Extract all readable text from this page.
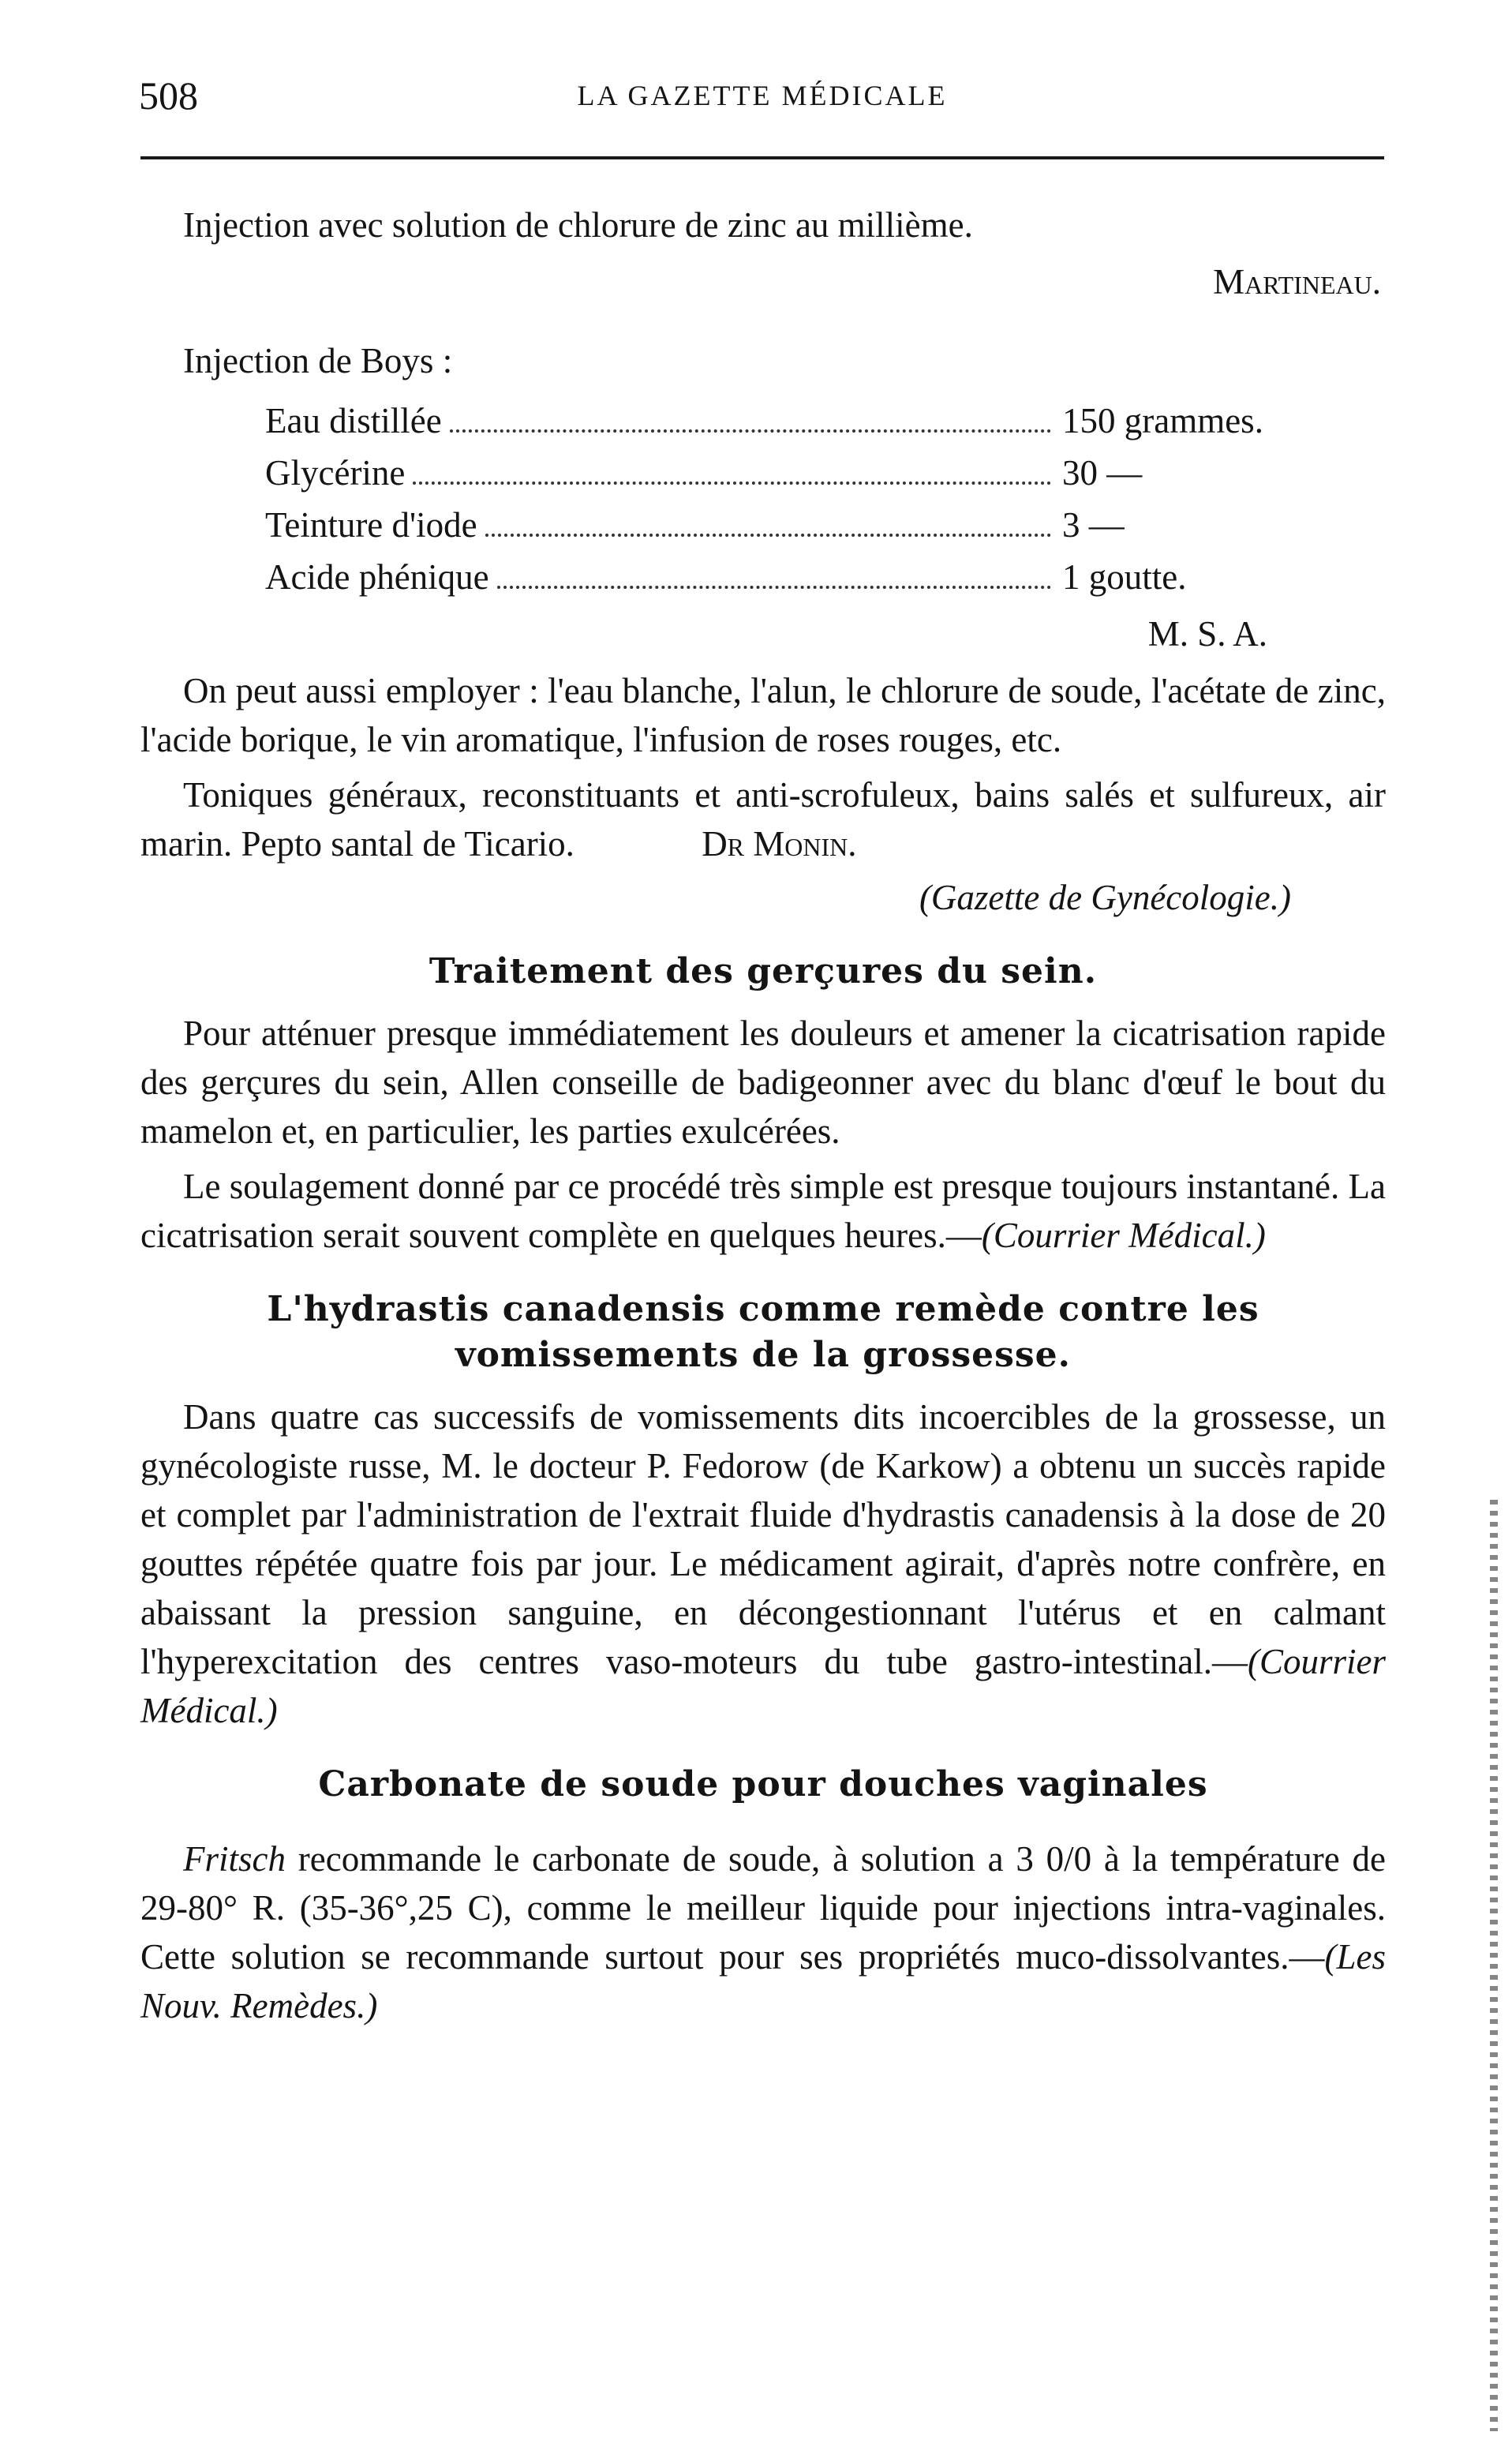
508	LA GAZETTE MÉDICALE

Injection avec solution de chlorure de zinc au millième.

Martineau.

Injection de Boys :

Eau distillée	150 grammes.
Glycérine	30 —
Teinture d'iode	3 —
Acide phénique	1 goutte.

M. S. A.

On peut aussi employer : l'eau blanche, l'alun, le chlorure de soude, l'acétate de zinc, l'acide borique, le vin aromatique, l'infusion de roses rouges, etc.

Toniques généraux, reconstituants et anti-scrofuleux, bains salés et sulfureux, air marin. Pepto santal de Ticario.	Dr Monin.

(Gazette de Gynécologie.)

Traitement des gerçures du sein.

Pour atténuer presque immédiatement les douleurs et amener la cicatrisation rapide des gerçures du sein, Allen conseille de badigeonner avec du blanc d'œuf le bout du mamelon et, en particulier, les parties exulcérées.

Le soulagement donné par ce procédé très simple est presque toujours instantané. La cicatrisation serait souvent complète en quelques heures.—(Courrier Médical.)

L'hydrastis canadensis comme remède contre les
vomissements de la grossesse.

Dans quatre cas successifs de vomissements dits incoercibles de la grossesse, un gynécologiste russe, M. le docteur P. Fedorow (de Karkow) a obtenu un succès rapide et complet par l'administration de l'extrait fluide d'hydrastis canadensis à la dose de 20 gouttes répétée quatre fois par jour. Le médicament agirait, d'après notre confrère, en abaissant la pression sanguine, en décongestionnant l'utérus et en calmant l'hyperexcitation des centres vaso-moteurs du tube gastro-intestinal.—(Courrier Médical.)

Carbonate de soude pour douches vaginales

Fritsch recommande le carbonate de soude, à solution a 3 0/0 à la température de 29-80° R. (35-36°,25 C), comme le meilleur liquide pour injections intra-vaginales. Cette solution se recommande surtout pour ses propriétés muco-dissolvantes.—(Les Nouv. Remèdes.)
